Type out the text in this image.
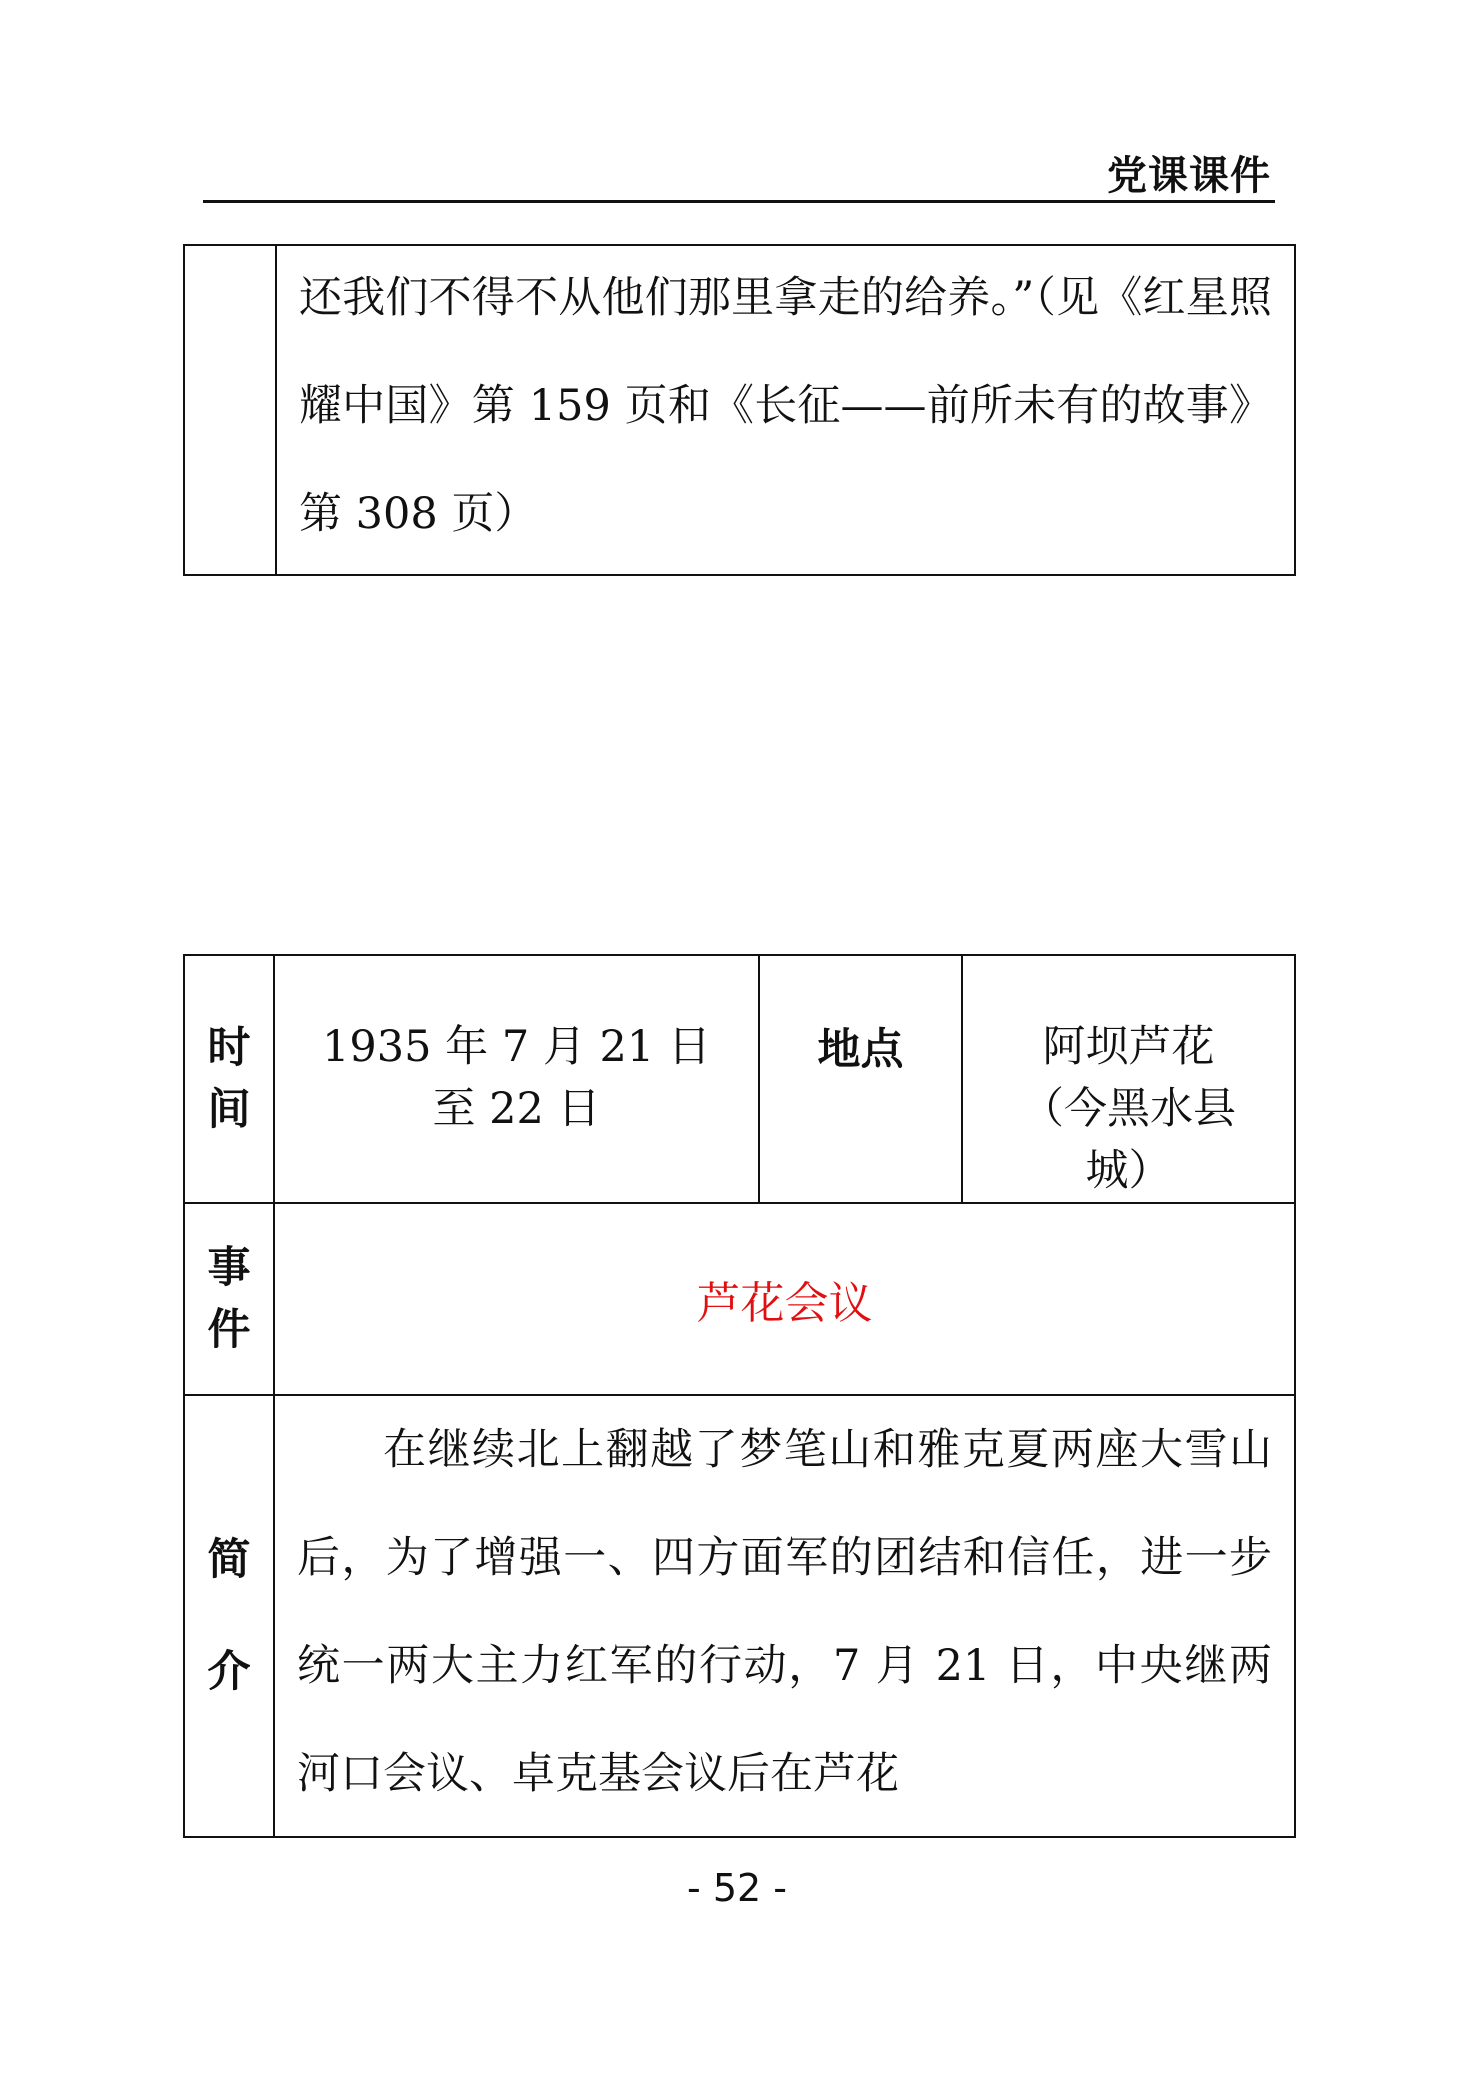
党课课件

还我们不得不从他们那里拿走的给养。”（见《红星照耀中国》第 159 页和《长征——前所未有的故事》第 308 页）
时
间	1935 年 7 月 21 日至 22 日	地点	阿坝芦花（今黑水县城）

事
件	芦花会议		

简
介	在继续北上翻越了梦笔山和雅克夏两座大雪山后，为了增强一、四方面军的团结和信任，进一步统一两大主力红军的行动，7 月 21 日，中央继两河口会议、卓克基会议后在芦花		
- 52 -
